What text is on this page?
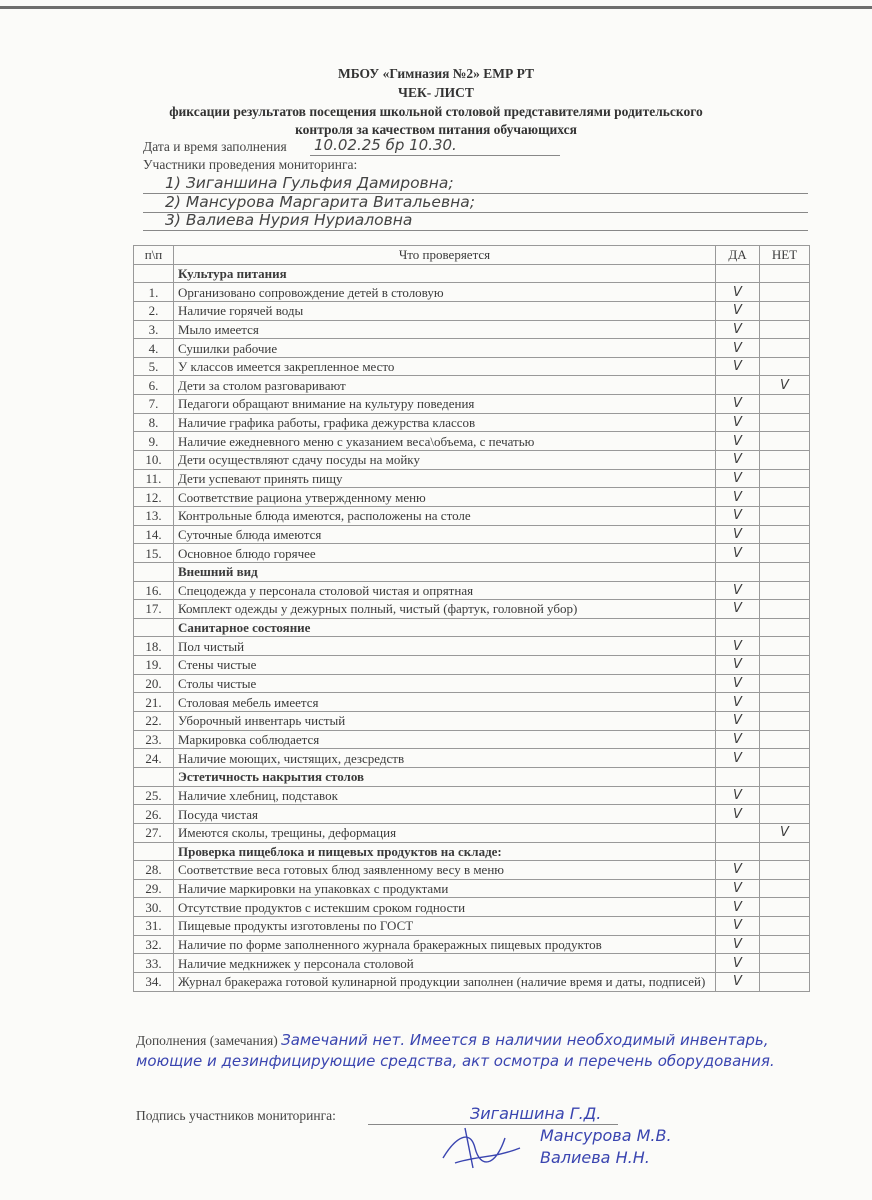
МБОУ «Гимназия №2» ЕМР РТ
ЧЕК- ЛИСТ
фиксации результатов посещения школьной столовой представителями родительского
контроля за качеством питания обучающихся
Дата и время заполнения 10.02.25 бр 10.30.
Участники проведения мониторинга:
1) Зиганшина Гульфия Дамировна;
2) Мансурова Маргарита Витальевна;
3) Валиева Нурия Нуриаловна
п\п	Что проверяется	ДА	НЕТ
	Культура питания		
1.	Организовано сопровождение детей в столовую	V	
2.	Наличие горячей воды	V	
3.	Мыло имеется	V	
4.	Сушилки рабочие	V	
5.	У классов имеется закрепленное место	V	
6.	Дети за столом разговаривают		V
7.	Педагоги обращают внимание на культуру поведения	V	
8.	Наличие графика работы, графика дежурства классов	V	
9.	Наличие ежедневного меню с указанием веса\объема, с печатью	V	
10.	Дети осуществляют сдачу посуды на мойку	V	
11.	Дети успевают принять пищу	V	
12.	Соответствие рациона утвержденному меню	V	
13.	Контрольные блюда имеются, расположены на столе	V	
14.	Суточные блюда имеются	V	
15.	Основное блюдо горячее	V	
	Внешний вид		
16.	Спецодежда у персонала столовой чистая и опрятная	V	
17.	Комплект одежды у дежурных полный, чистый (фартук, головной убор)	V	
	Санитарное состояние		
18.	Пол чистый	V	
19.	Стены чистые	V	
20.	Столы чистые	V	
21.	Столовая мебель имеется	V	
22.	Уборочный инвентарь чистый	V	
23.	Маркировка соблюдается	V	
24.	Наличие моющих, чистящих, дезсредств	V	
	Эстетичность накрытия столов		
25.	Наличие хлебниц, подставок	V	
26.	Посуда чистая	V	
27.	Имеются сколы, трещины, деформация		V
	Проверка пищеблока и пищевых продуктов на складе:		
28.	Соответствие веса готовых блюд заявленному весу в меню	V	
29.	Наличие маркировки на упаковках с продуктами	V	
30.	Отсутствие продуктов с истекшим сроком годности	V	
31.	Пищевые продукты изготовлены по ГОСТ	V	
32.	Наличие по форме заполненного журнала бракеражных пищевых продуктов	V	
33.	Наличие медкнижек у персонала столовой	V	
34.	Журнал бракеража готовой кулинарной продукции заполнен (наличие время и даты, подписей)	V	
Дополнения (замечания) Замечаний нет. Имеется в наличии необходимый инвентарь, моющие и дезинфицирующие средства, акт осмотра и перечень оборудования.
Подпись участников мониторинга:	Зиганшина Г.Д.
Мансурова М.В.
Валиева Н.Н.
